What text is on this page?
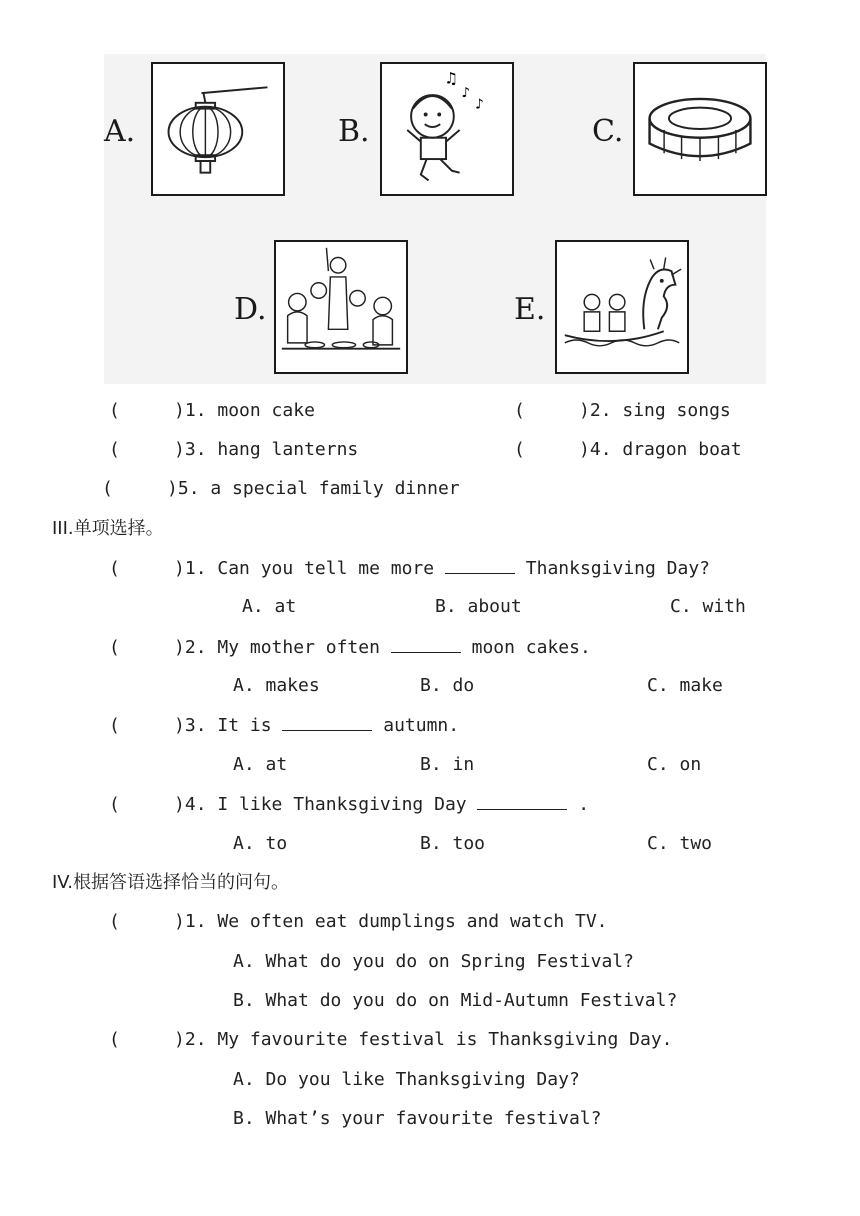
A.	B.
♫
♪
♪
C.
D.	E.
(     )1. moon cake	(     )2. sing songs
(     )3. hang lanterns	(     )4. dragon boat
(     )5. a special family dinner
III.单项选择。
(     )1. Can you tell me more	Thanksgiving Day?
A. at	B. about	C. with
(     )2. My mother often	moon cakes.
A. makes	B. do	C. make
(     )3. It is	autumn.
A. at	B. in	C. on
(     )4. I like Thanksgiving Day	.
A. to	B. too	C. two
IV.根据答语选择恰当的问句。
(     )1. We often eat dumplings and watch TV.
A. What do you do on Spring Festival?
B. What do you do on Mid-Autumn Festival?
(     )2. My favourite festival is Thanksgiving Day.
A. Do you like Thanksgiving Day?
B. What’s your favourite festival?
